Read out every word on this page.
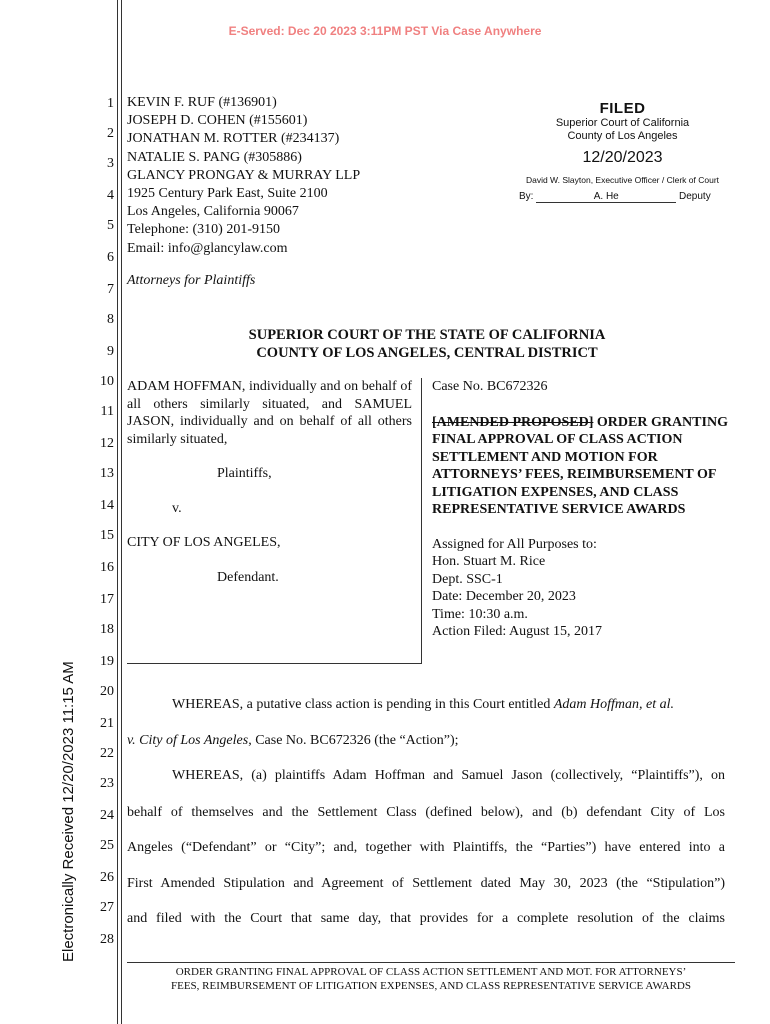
E-Served: Dec 20 2023 3:11PM PST Via Case Anywhere
Electronically Received 12/20/2023 11:15 AM
1
2
3
4
5
6
7
8
9
10
11
12
13
14
15
16
17
18
19
20
21
22
23
24
25
26
27
28
KEVIN F. RUF (#136901)
JOSEPH D. COHEN (#155601)
JONATHAN M. ROTTER (#234137)
NATALIE S. PANG (#305886)
GLANCY PRONGAY & MURRAY LLP
1925 Century Park East, Suite 2100
Los Angeles, California 90067
Telephone: (310) 201-9150
Email: info@glancylaw.com
Attorneys for Plaintiffs
FILED
Superior Court of California
County of Los Angeles
12/20/2023
David W. Slayton, Executive Officer / Clerk of Court
By:	A. He	Deputy
SUPERIOR COURT OF THE STATE OF CALIFORNIA
COUNTY OF LOS ANGELES, CENTRAL DISTRICT
ADAM HOFFMAN, individually and on behalf of all others similarly situated, and SAMUEL JASON, individually and on behalf of all others similarly situated,
Plaintiffs,
v.
CITY OF LOS ANGELES,
Defendant.
Case No. BC672326
[AMENDED PROPOSED] ORDER GRANTING FINAL APPROVAL OF CLASS ACTION SETTLEMENT AND MOTION FOR ATTORNEYS’ FEES, REIMBURSEMENT OF LITIGATION EXPENSES, AND CLASS REPRESENTATIVE SERVICE AWARDS
Assigned for All Purposes to:
Hon. Stuart M. Rice
Dept. SSC-1
Date: December 20, 2023
Time: 10:30 a.m.
Action Filed: August 15, 2017
WHEREAS, a putative class action is pending in this Court entitled Adam Hoffman, et al.
v. City of Los Angeles, Case No. BC672326 (the “Action”);
WHEREAS, (a) plaintiffs Adam Hoffman and Samuel Jason (collectively, “Plaintiffs”), on
behalf of themselves and the Settlement Class (defined below), and (b) defendant City of Los
Angeles (“Defendant” or “City”; and, together with Plaintiffs, the “Parties”) have entered into a
First Amended Stipulation and Agreement of Settlement dated May 30, 2023 (the “Stipulation”)
and filed with the Court that same day, that provides for a complete resolution of the claims
ORDER GRANTING FINAL APPROVAL OF CLASS ACTION SETTLEMENT AND MOT. FOR ATTORNEYS’
FEES, REIMBURSEMENT OF LITIGATION EXPENSES, AND CLASS REPRESENTATIVE SERVICE AWARDS
